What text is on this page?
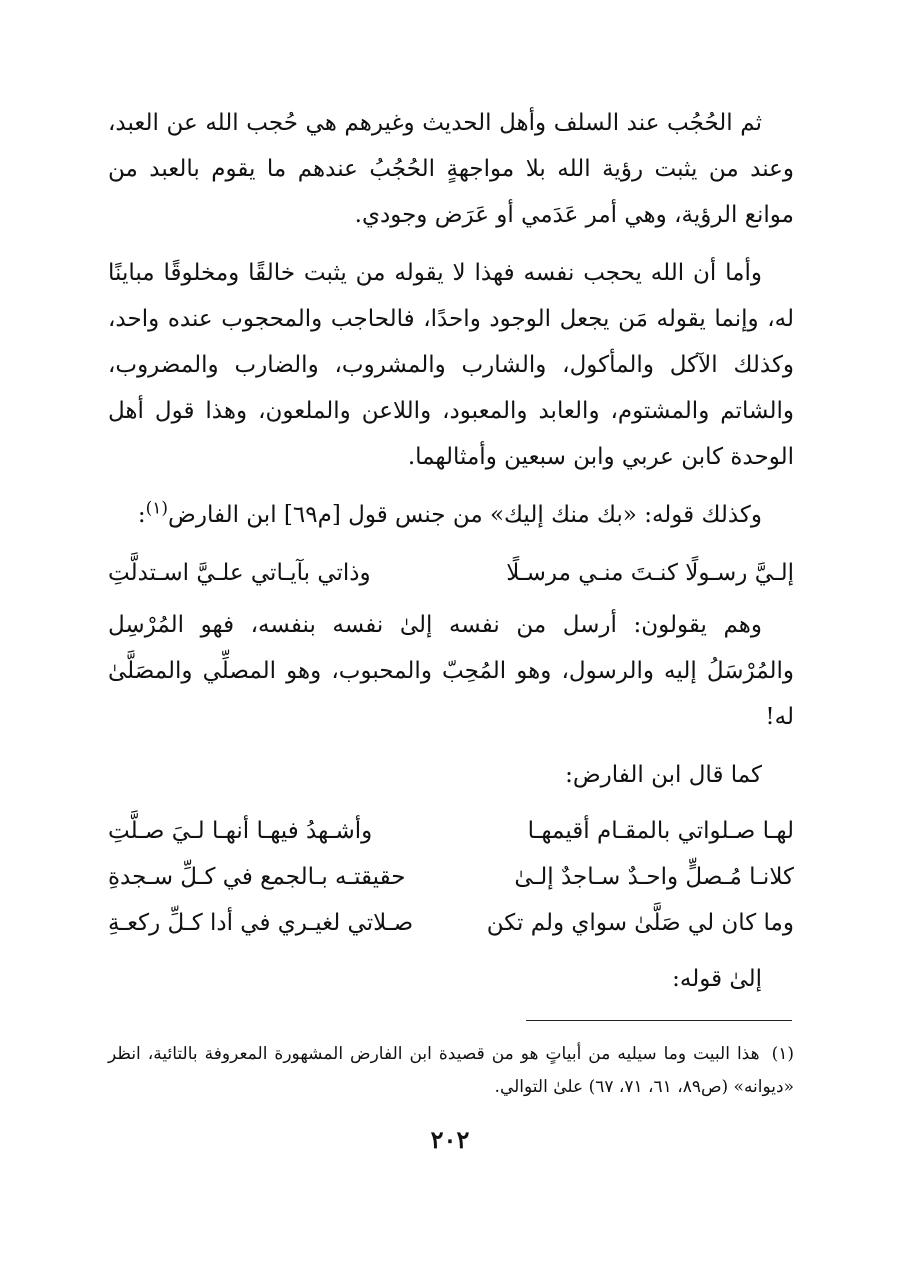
ثم الحُجُب عند السلف وأهل الحديث وغيرهم هي حُجب الله عن العبد، وعند من يثبت رؤية الله بلا مواجهةٍ الحُجُبُ عندهم ما يقوم بالعبد من موانع الرؤية، وهي أمر عَدَمي أو عَرَض وجودي.

وأما أن الله يحجب نفسه فهذا لا يقوله من يثبت خالقًا ومخلوقًا مباينًا له، وإنما يقوله مَن يجعل الوجود واحدًا، فالحاجب والمحجوب عنده واحد، وكذلك الآكل والمأكول، والشارب والمشروب، والضارب والمضروب، والشاتم والمشتوم، والعابد والمعبود، واللاعن والملعون، وهذا قول أهل الوحدة كابن عربي وابن سبعين وأمثالهما.

وكذلك قوله: «بك منك إليك» من جنس قول [م٦٩] ابن الفارض$^{(١)}$:

إلـيَّ رسـولًا كنـتَ منـي مرسـلًا
وذاتي بآيـاتي علـيَّ اسـتدلَّتِ

وهم يقولون: أرسل من نفسه إلىٰ نفسه بنفسه، فهو المُرْسِل والمُرْسَلُ إليه والرسول، وهو المُحِبّ والمحبوب، وهو المصلِّي والمصَلَّىٰ له!

كما قال ابن الفارض:

لهـا صـلواتي بالمقـام أقيمهـا
وأشـهدُ فيهـا أنهـا لـيَ صـلَّتِ
كلانـا مُـصلٍّ واحـدٌ سـاجدٌ إلـىٰ
حقيقتـه بـالجمع في كـلِّ سـجدةِ
وما كان لي صَلَّىٰ سواي ولم تكن
صـلاتي لغيـري في أدا كـلِّ ركعـةِ

إلىٰ قوله:

(١)هذا البيت وما سيليه من أبياتٍ هو من قصيدة ابن الفارض المشهورة المعروفة بالتائية، انظر «ديوانه» (ص٨٩، ٦١، ٧١، ٦٧) علىٰ التوالي.
٢٠٢
